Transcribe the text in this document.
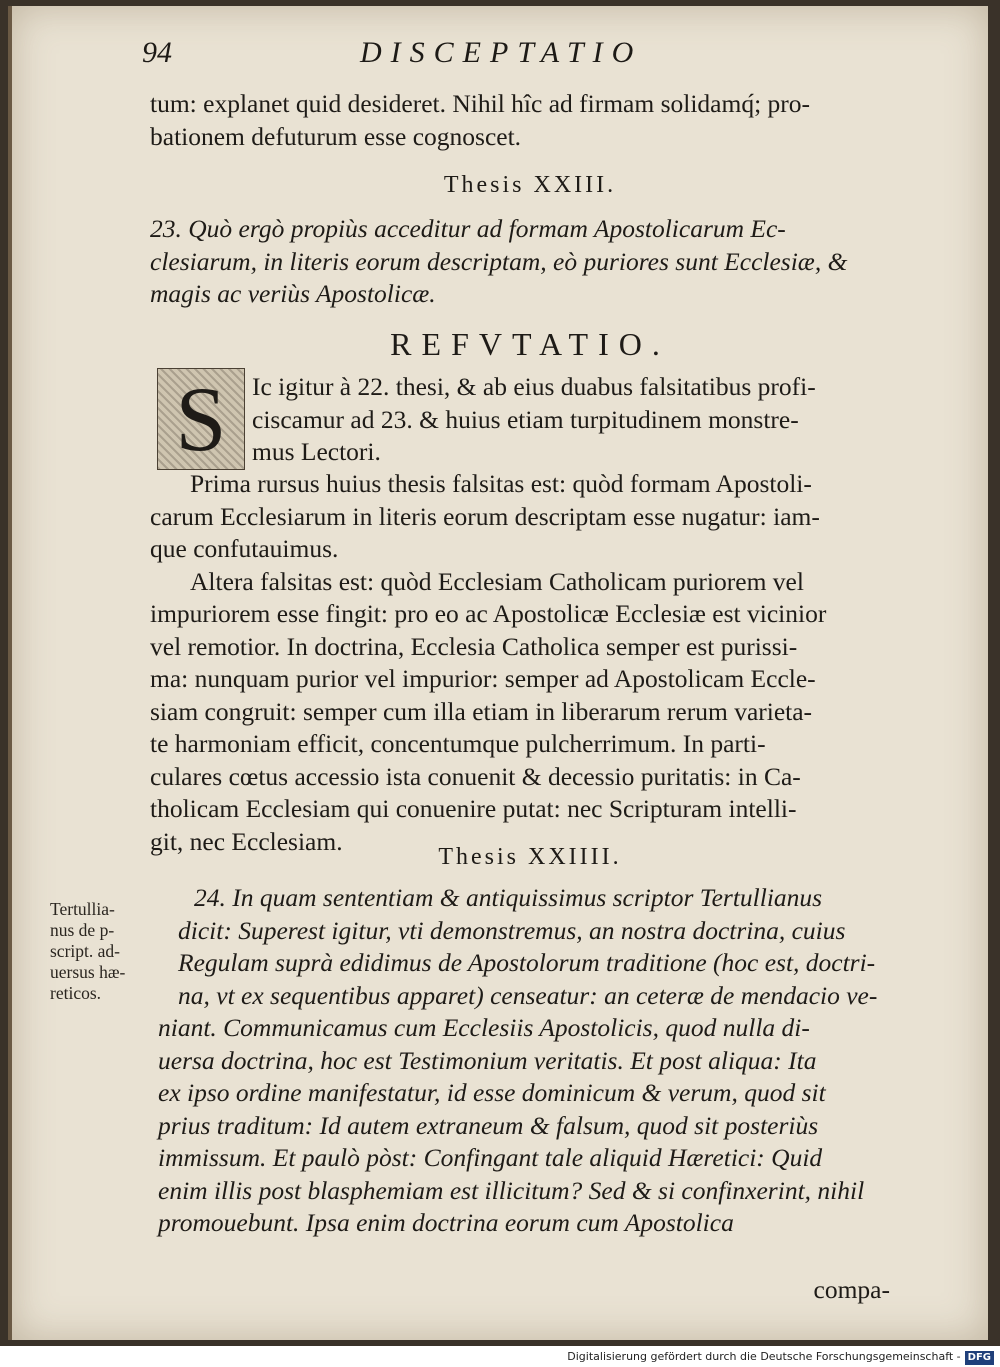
94	DISCEPTATIO
tum: explanet quid desideret. Nihil hîc ad firmam solidamq́; pro-
bationem defuturum esse cognoscet.
Thesis XXIII.
23. Quò ergò propiùs acceditur ad formam Apostolicarum Ec-
clesiarum, in literis eorum descriptam, eò puriores sunt Ecclesiæ, &
magis ac veriùs Apostolicæ.
REFVTATIO.
S Ic igitur à 22. thesi, & ab eius duabus falsitatibus profi-
ciscamur ad 23. & huius etiam turpitudinem monstre-
mus Lectori.
Prima rursus huius thesis falsitas est: quòd formam Apostoli-
carum Ecclesiarum in literis eorum descriptam esse nugatur: iam-
que confutauimus.
Altera falsitas est: quòd Ecclesiam Catholicam puriorem vel
impuriorem esse fingit: pro eo ac Apostolicæ Ecclesiæ est vicinior
vel remotior. In doctrina, Ecclesia Catholica semper est purissi-
ma: nunquam purior vel impurior: semper ad Apostolicam Eccle-
siam congruit: semper cum illa etiam in liberarum rerum varieta-
te harmoniam efficit, concentumque pulcherrimum. In parti-
culares cœtus accessio ista conuenit & decessio puritatis: in Ca-
tholicam Ecclesiam qui conuenire putat: nec Scripturam intelli-
git, nec Ecclesiam.
Thesis XXIIII.
Tertullia-
nus de p-
script. ad-
uersus hæ-
reticos.
24. In quam sententiam & antiquissimus scriptor Tertullianus
dicit: Superest igitur, vti demonstremus, an nostra doctrina, cuius
Regulam suprà edidimus de Apostolorum traditione (hoc est, doctri-
na, vt ex sequentibus apparet) censeatur: an ceteræ de mendacio ve-
niant. Communicamus cum Ecclesiis Apostolicis, quod nulla di-
uersa doctrina, hoc est Testimonium veritatis. Et post aliqua: Ita
ex ipso ordine manifestatur, id esse dominicum & verum, quod sit
prius traditum: Id autem extraneum & falsum, quod sit posteriùs
immissum. Et paulò pòst: Confingant tale aliquid Hæretici: Quid
enim illis post blasphemiam est illicitum? Sed & si confinxerint, nihil
promouebunt. Ipsa enim doctrina eorum cum Apostolica
compa-
Digitalisierung gefördert durch die Deutsche Forschungsgemeinschaft - DFG
